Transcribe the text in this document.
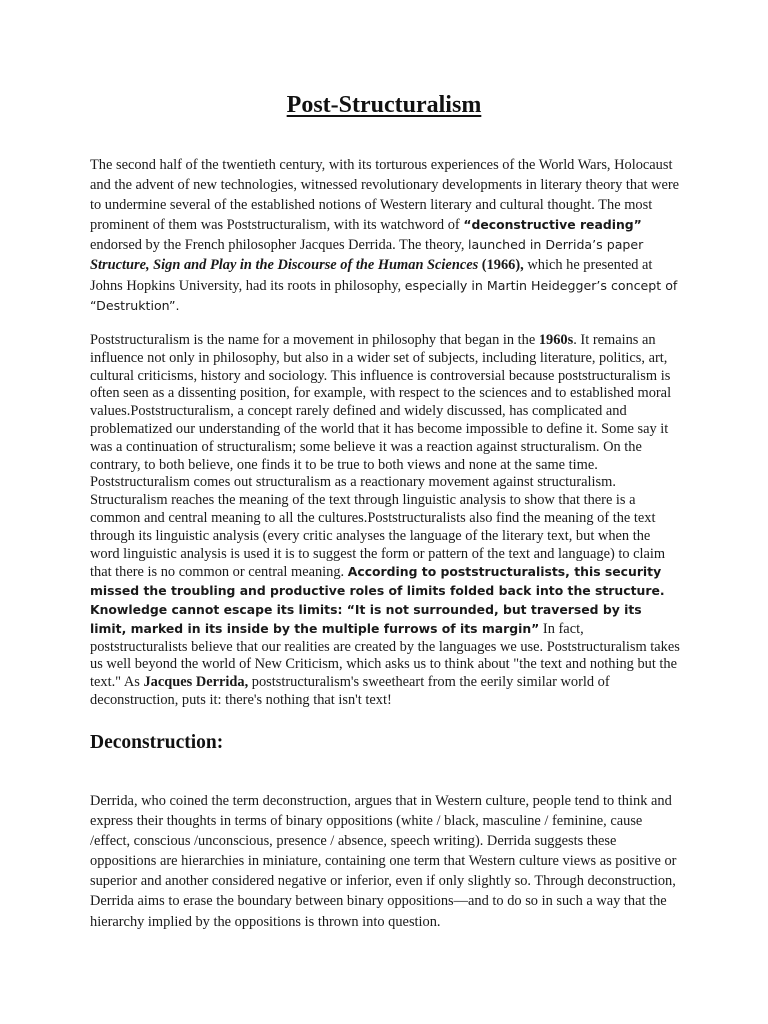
Post-Structuralism

The second half of the twentieth century, with its torturous experiences of the World Wars, Holocaust and the advent of new technologies, witnessed revolutionary developments in literary theory that were to undermine several of the established notions of Western literary and cultural thought. The most prominent of them was Poststructuralism, with its watchword of “deconstructive reading” endorsed by the French philosopher Jacques Derrida. The theory, launched in Derrida’s paper Structure, Sign and Play in the Discourse of the Human Sciences (1966), which he presented at Johns Hopkins University, had its roots in philosophy, especially in Martin Heidegger’s concept of “Destruktion”.

Poststructuralism is the name for a movement in philosophy that began in the 1960s. It remains an influence not only in philosophy, but also in a wider set of subjects, including literature, politics, art, cultural criticisms, history and sociology. This influence is controversial because poststructuralism is often seen as a dissenting position, for example, with respect to the sciences and to established moral values.Poststructuralism, a concept rarely defined and widely discussed, has complicated and problematized our understanding of the world that it has become impossible to define it. Some say it was a continuation of structuralism; some believe it was a reaction against structuralism. On the contrary, to both believe, one finds it to be true to both views and none at the same time. Poststructuralism comes out structuralism as a reactionary movement against structuralism. Structuralism reaches the meaning of the text through linguistic analysis to show that there is a common and central meaning to all the cultures.Poststructuralists also find the meaning of the text through its linguistic analysis (every critic analyses the language of the literary text, but when the word linguistic analysis is used it is to suggest the form or pattern of the text and language) to claim that there is no common or central meaning. According to poststructuralists, this security missed the troubling and productive roles of limits folded back into the structure. Knowledge cannot escape its limits: “It is not surrounded, but traversed by its limit, marked in its inside by the multiple furrows of its margin” In fact, poststructuralists believe that our realities are created by the languages we use. Poststructuralism takes us well beyond the world of New Criticism, which asks us to think about "the text and nothing but the text." As Jacques Derrida, poststructuralism's sweetheart from the eerily similar world of deconstruction, puts it: there's nothing that isn't text!

Deconstruction:

Derrida, who coined the term deconstruction, argues that in Western culture, people tend to think and express their thoughts in terms of binary oppositions (white / black, masculine / feminine, cause /effect, conscious /unconscious, presence / absence, speech writing). Derrida suggests these oppositions are hierarchies in miniature, containing one term that Western culture views as positive or superior and another considered negative or inferior, even if only slightly so. Through deconstruction, Derrida aims to erase the boundary between binary oppositions—and to do so in such a way that the hierarchy implied by the oppositions is thrown into question.
